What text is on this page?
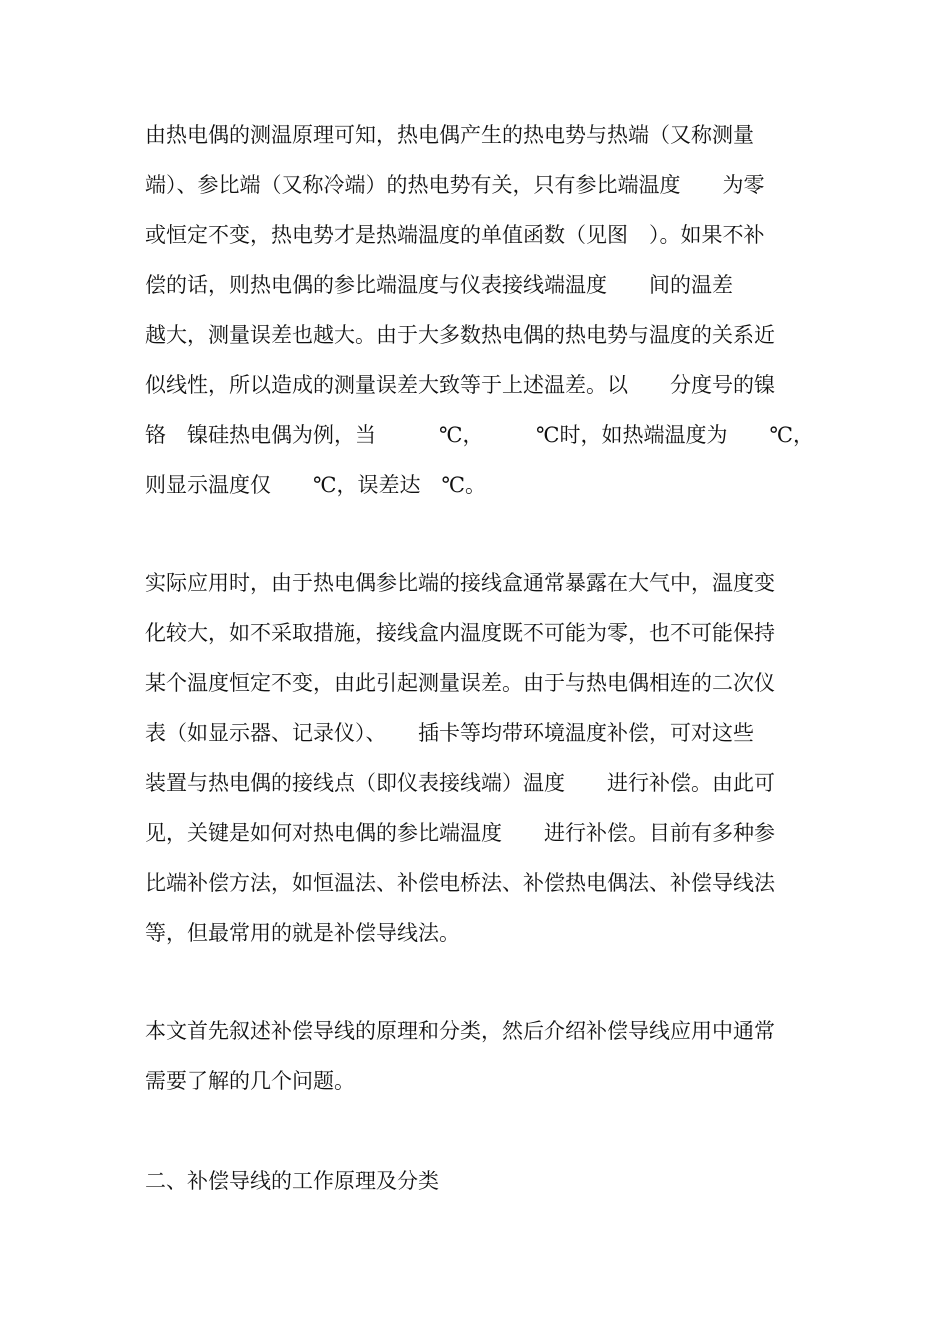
由热电偶的测温原理可知，热电偶产生的热电势与热端（又称测量
端）、参比端（又称冷端）的热电势有关，只有参比端温度　　为零
或恒定不变，热电势才是热端温度的单值函数（见图　）。如果不补
偿的话，则热电偶的参比端温度与仪表接线端温度　　间的温差
越大，测量误差也越大。由于大多数热电偶的热电势与温度的关系近
似线性，所以造成的测量误差大致等于上述温差。以　　分度号的镍
铬　镍硅热电偶为例，当　　　℃，　　　℃时，如热端温度为　　℃，
则显示温度仅　　℃，误差达　℃。
实际应用时，由于热电偶参比端的接线盒通常暴露在大气中，温度变
化较大，如不采取措施，接线盒内温度既不可能为零，也不可能保持
某个温度恒定不变，由此引起测量误差。由于与热电偶相连的二次仪
表（如显示器、记录仪）、　　插卡等均带环境温度补偿，可对这些
装置与热电偶的接线点（即仪表接线端）温度　　进行补偿。由此可
见，关键是如何对热电偶的参比端温度　　进行补偿。目前有多种参
比端补偿方法，如恒温法、补偿电桥法、补偿热电偶法、补偿导线法
等，但最常用的就是补偿导线法。
本文首先叙述补偿导线的原理和分类，然后介绍补偿导线应用中通常
需要了解的几个问题。
二、补偿导线的工作原理及分类
